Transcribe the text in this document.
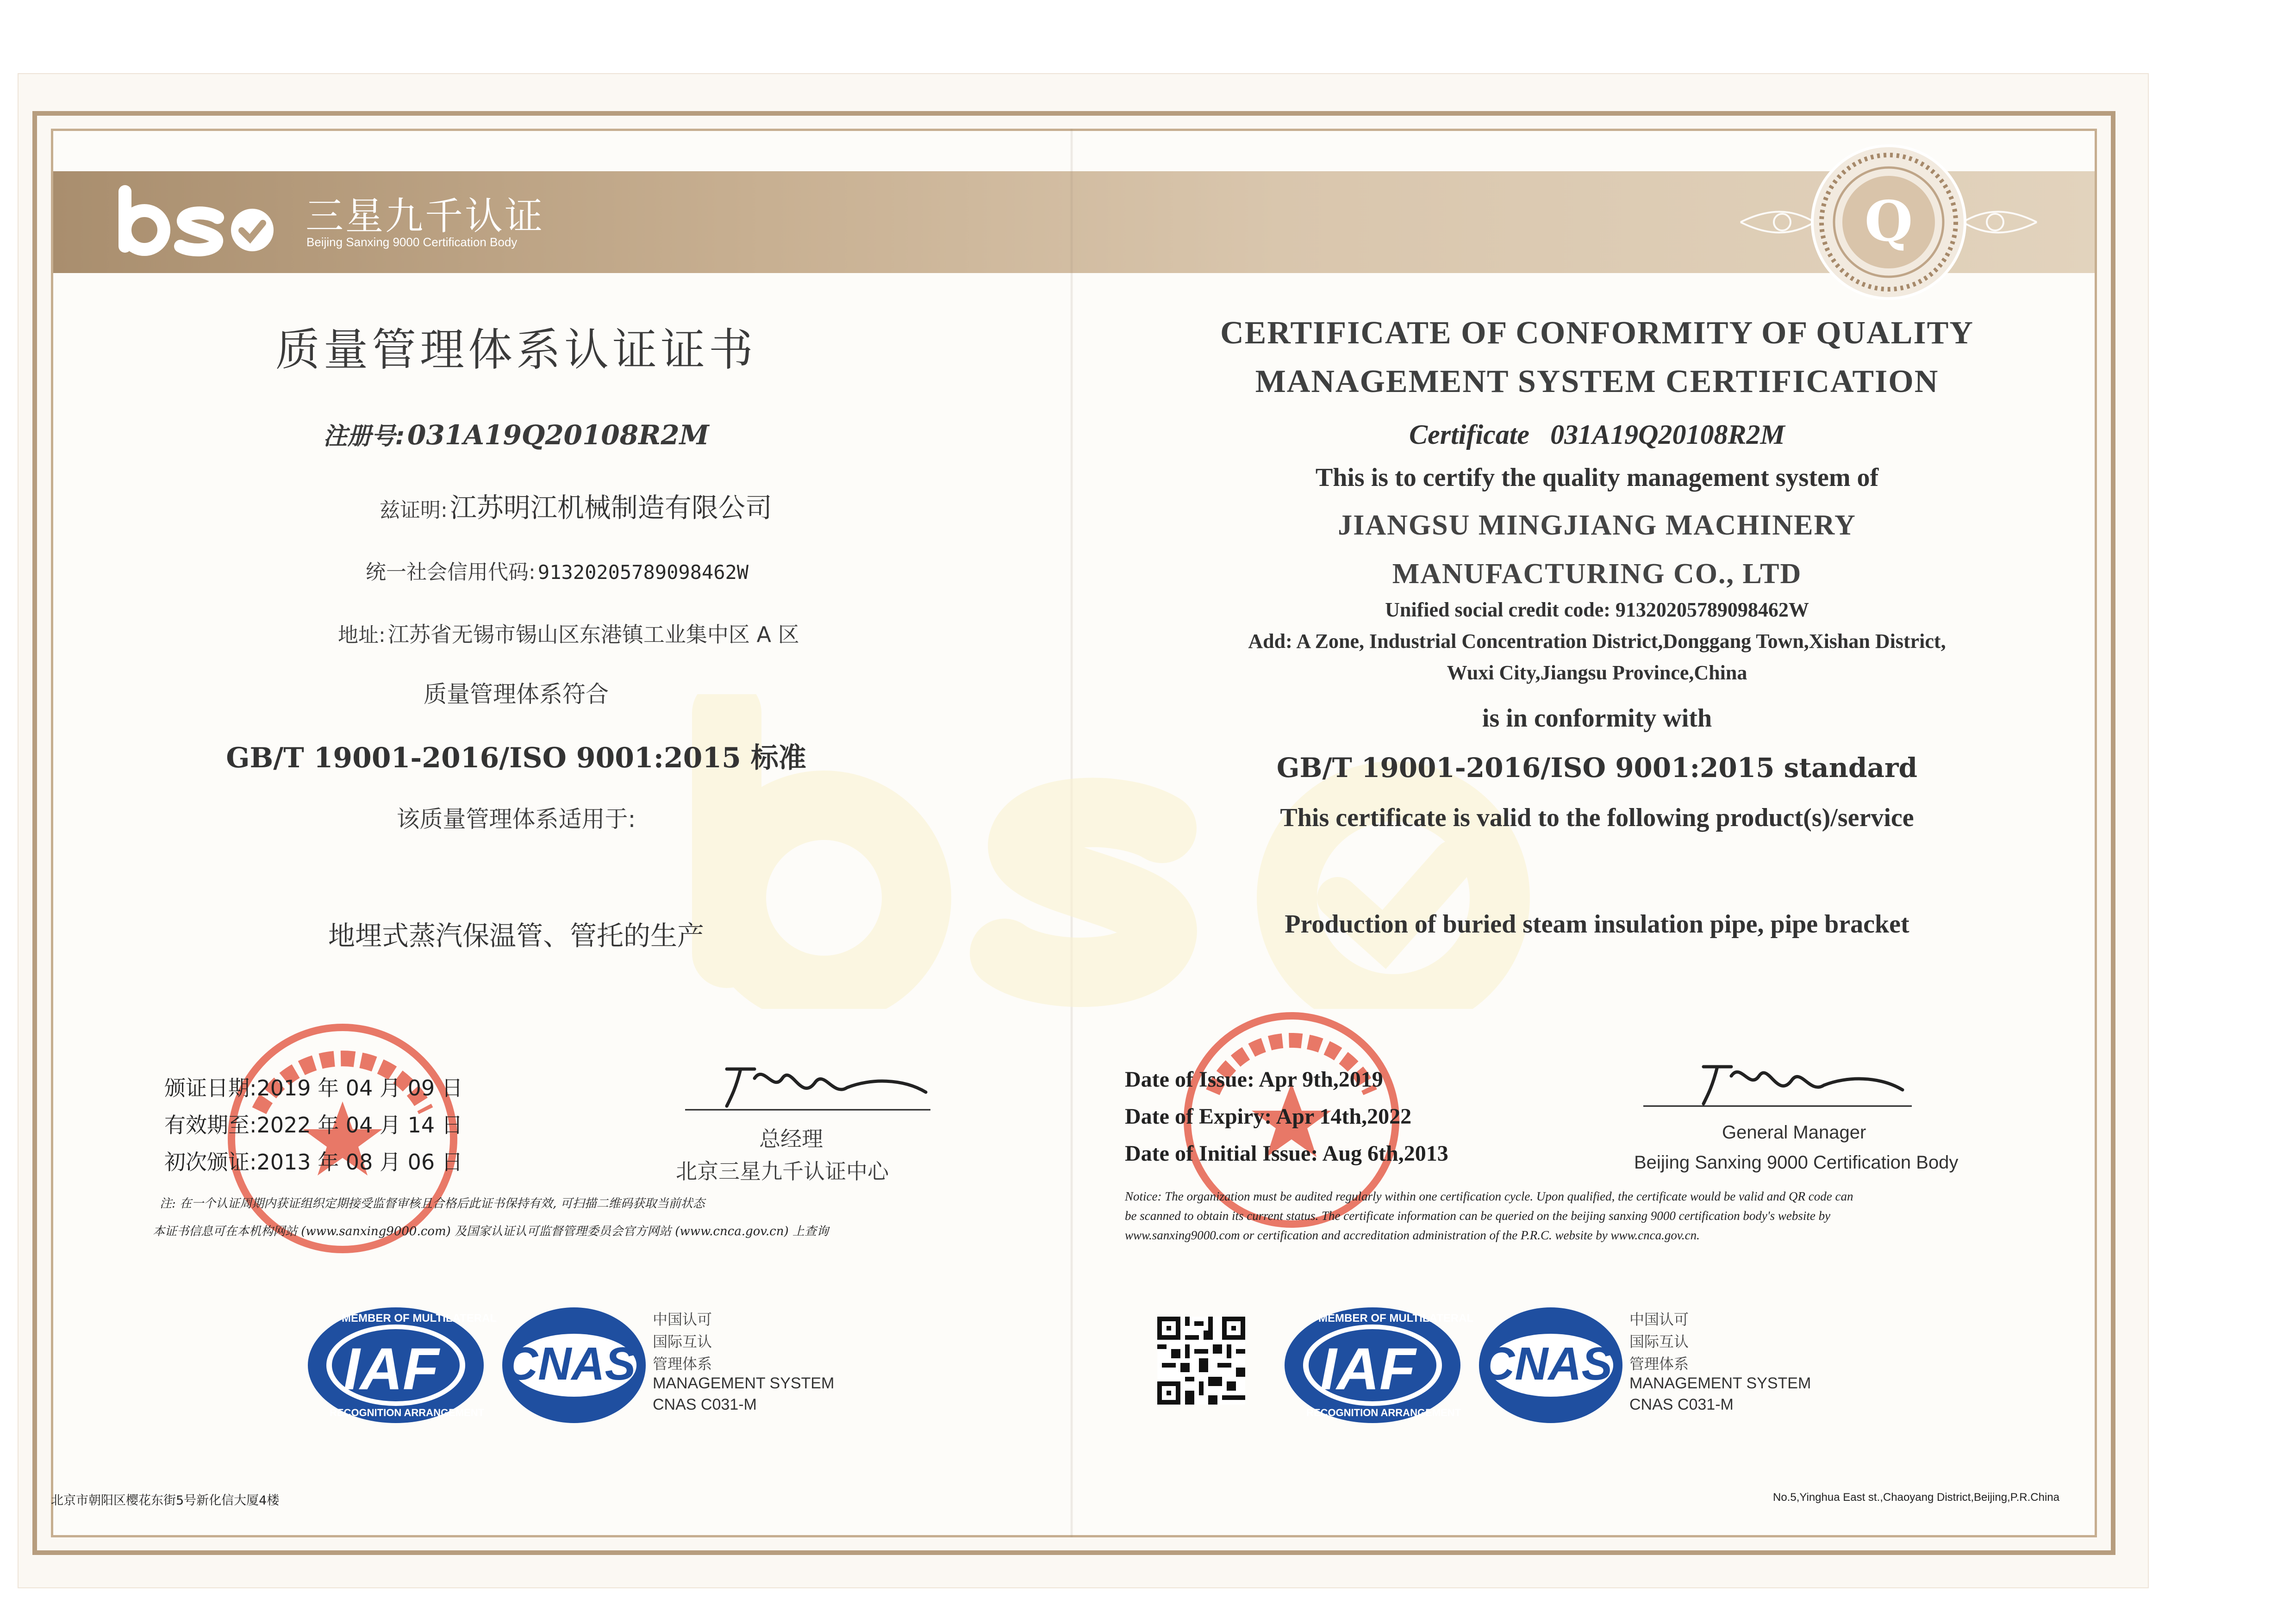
三星九千认证
Beijing Sanxing 9000 Certification Body	Q
质量管理体系认证证书
注册号: 031A19Q20108R2M
兹证明: 江苏明江机械制造有限公司
统一社会信用代码: 91320205789098462W
地址: 江苏省无锡市锡山区东港镇工业集中区 A 区
质量管理体系符合
GB/T 19001-2016/ISO 9001:2015 标准
该质量管理体系适用于:
地埋式蒸汽保温管、管托的生产
颁证日期:2019 年 04 月 09 日
有效期至:2022 年 04 月 14 日
初次颁证:2013 年 08 月 06 日
总经理
北京三星九千认证中心
注: 在一个认证周期内获证组织定期接受监督审核且合格后此证书保持有效, 可扫描二维码获取当前状态
本证书信息可在本机构网站 (www.sanxing9000.com) 及国家认证认可监督管理委员会官方网站 (www.cnca.gov.cn) 上查询
IAF
MEMBER OF MULTILATERAL
RECOGNITION ARRANGEMENT
CNAS
中国认可
国际互认
管理体系
MANAGEMENT SYSTEM
CNAS C031-M
北京市朝阳区樱花东街5号新化信大厦4楼
CERTIFICATE OF CONFORMITY OF QUALITY
MANAGEMENT SYSTEM CERTIFICATION
Certificate 031A19Q20108R2M
This is to certify the quality management system of
JIANGSU MINGJIANG MACHINERY
MANUFACTURING CO., LTD
Unified social credit code: 91320205789098462W
Add: A Zone, Industrial Concentration District,Donggang Town,Xishan District,
Wuxi City,Jiangsu Province,China
is in conformity with
GB/T 19001-2016/ISO 9001:2015 standard
This certificate is valid to the following product(s)/service
Production of buried steam insulation pipe, pipe bracket
Date of Issue: Apr 9th,2019
Date of Expiry: Apr 14th,2022
Date of Initial Issue: Aug 6th,2013
General Manager
Beijing Sanxing 9000 Certification Body
Notice: The organization must be audited regularly within one certification cycle. Upon qualified, the certificate would be valid and QR code can
be scanned to obtain its current status. The certificate information can be queried on the beijing sanxing 9000 certification body's website by
www.sanxing9000.com or certification and accreditation administration of the P.R.C. website by www.cnca.gov.cn.
IAF
MEMBER OF MULTILATERAL
RECOGNITION ARRANGEMENT
CNAS
中国认可
国际互认
管理体系
MANAGEMENT SYSTEM
CNAS C031-M
No.5,Yinghua East st.,Chaoyang District,Beijing,P.R.China
